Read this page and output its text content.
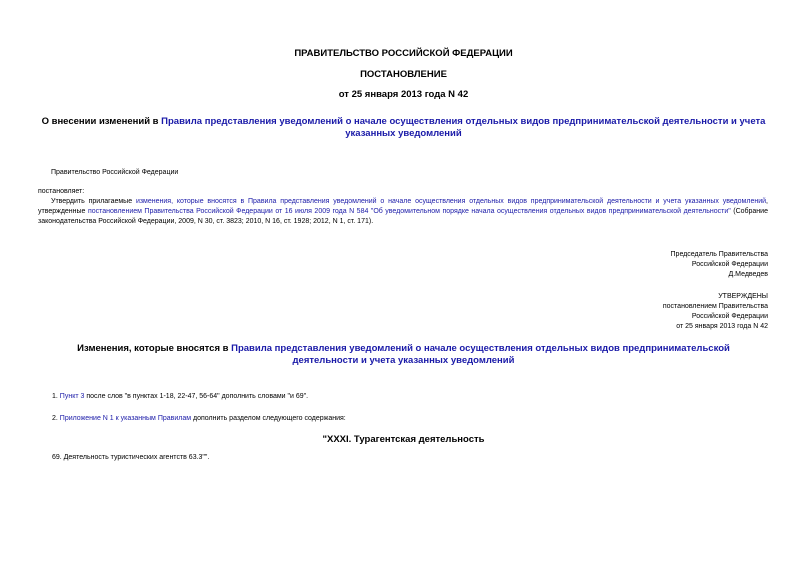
ПРАВИТЕЛЬСТВО РОССИЙСКОЙ ФЕДЕРАЦИИ
ПОСТАНОВЛЕНИЕ
от 25 января 2013 года N 42
О внесении изменений в Правила представления уведомлений о начале осуществления отдельных видов предпринимательской деятельности и учета указанных уведомлений
Правительство Российской Федерации
постановляет:
Утвердить прилагаемые изменения, которые вносятся в Правила представления уведомлений о начале осуществления отдельных видов предпринимательской деятельности и учета указанных уведомлений, утвержденные постановлением Правительства Российской Федерации от 16 июля 2009 года N 584 "Об уведомительном порядке начала осуществления отдельных видов предпринимательской деятельности" (Собрание законодательства Российской Федерации, 2009, N 30, ст. 3823; 2010, N 16, ст. 1928; 2012, N 1, ст. 171).
Председатель Правительства
Российской Федерации
Д.Медведев
УТВЕРЖДЕНЫ
постановлением Правительства
Российской Федерации
от 25 января 2013 года N 42
Изменения, которые вносятся в Правила представления уведомлений о начале осуществления отдельных видов предпринимательской деятельности и учета указанных уведомлений
1. Пункт 3 после слов "в пунктах 1-18, 22-47, 56-64" дополнить словами "и 69".
2. Приложение N 1 к указанным Правилам дополнить разделом следующего содержания:
"XXXI. Турагентская деятельность
69. Деятельность туристических агентств 63.3"".
